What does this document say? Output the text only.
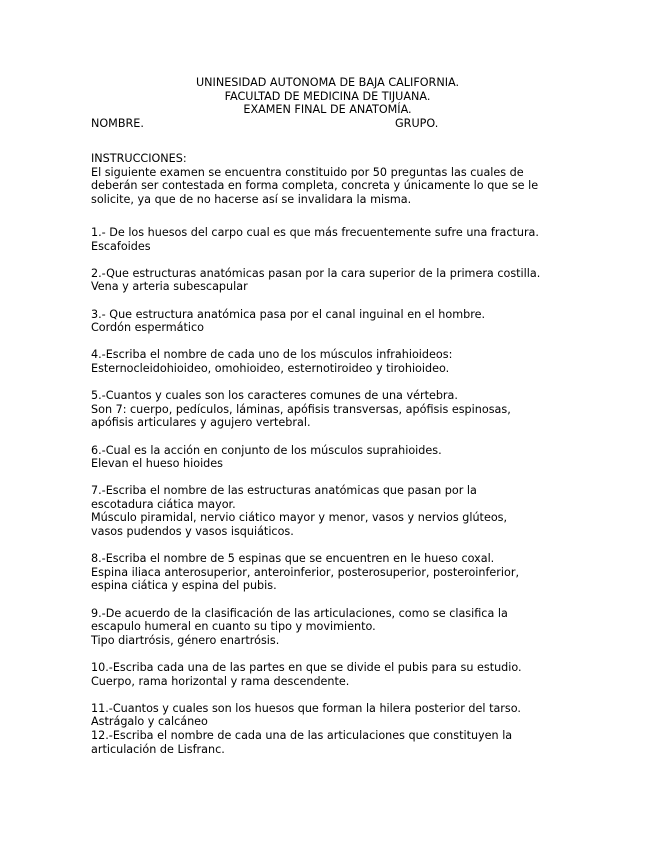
UNINESIDAD AUTONOMA DE BAJA CALIFORNIA.
FACULTAD DE MEDICINA DE TIJUANA.
EXAMEN FINAL DE ANATOMÍA.
NOMBRE.	GRUPO.
INSTRUCCIONES:
El siguiente examen se encuentra constituido por 50 preguntas las cuales de
deberán ser contestada en forma completa, concreta y únicamente lo que se le
solicite, ya que de no hacerse así se invalidara la misma.
1.- De los huesos del carpo cual es que más frecuentemente sufre una fractura.
Escafoides
2.-Que estructuras anatómicas pasan por la cara superior de la primera costilla.
Vena y arteria subescapular
3.- Que estructura anatómica pasa por el canal inguinal en el hombre.
Cordón espermático
4.-Escriba el nombre de cada uno de los músculos infrahioideos:
Esternocleidohioideo, omohioideo, esternotiroideo y tirohioideo.
5.-Cuantos y cuales son los caracteres comunes de una vértebra.
Son 7: cuerpo, pedículos, láminas, apófisis transversas, apófisis espinosas,
apófisis articulares y agujero vertebral.
6.-Cual es la acción en conjunto de los músculos suprahioides.
Elevan el hueso hioides
7.-Escriba el nombre de las estructuras anatómicas que pasan por la
escotadura ciática mayor.
Músculo piramidal, nervio ciático mayor y menor, vasos y nervios glúteos,
vasos pudendos y vasos isquiáticos.
8.-Escriba el nombre de 5 espinas que se encuentren en le hueso coxal.
Espina iliaca anterosuperior, anteroinferior, posterosuperior, posteroinferior,
espina ciática y espina del pubis.
9.-De acuerdo de la clasificación de las articulaciones, como se clasifica la
escapulo humeral en cuanto su tipo y movimiento.
Tipo diartrósis, género enartrósis.
10.-Escriba cada una de las partes en que se divide el pubis para su estudio.
Cuerpo, rama horizontal y rama descendente.
11.-Cuantos y cuales son los huesos que forman la hilera posterior del tarso.
Astrágalo y calcáneo
12.-Escriba el nombre de cada una de las articulaciones que constituyen la
articulación de Lisfranc.
